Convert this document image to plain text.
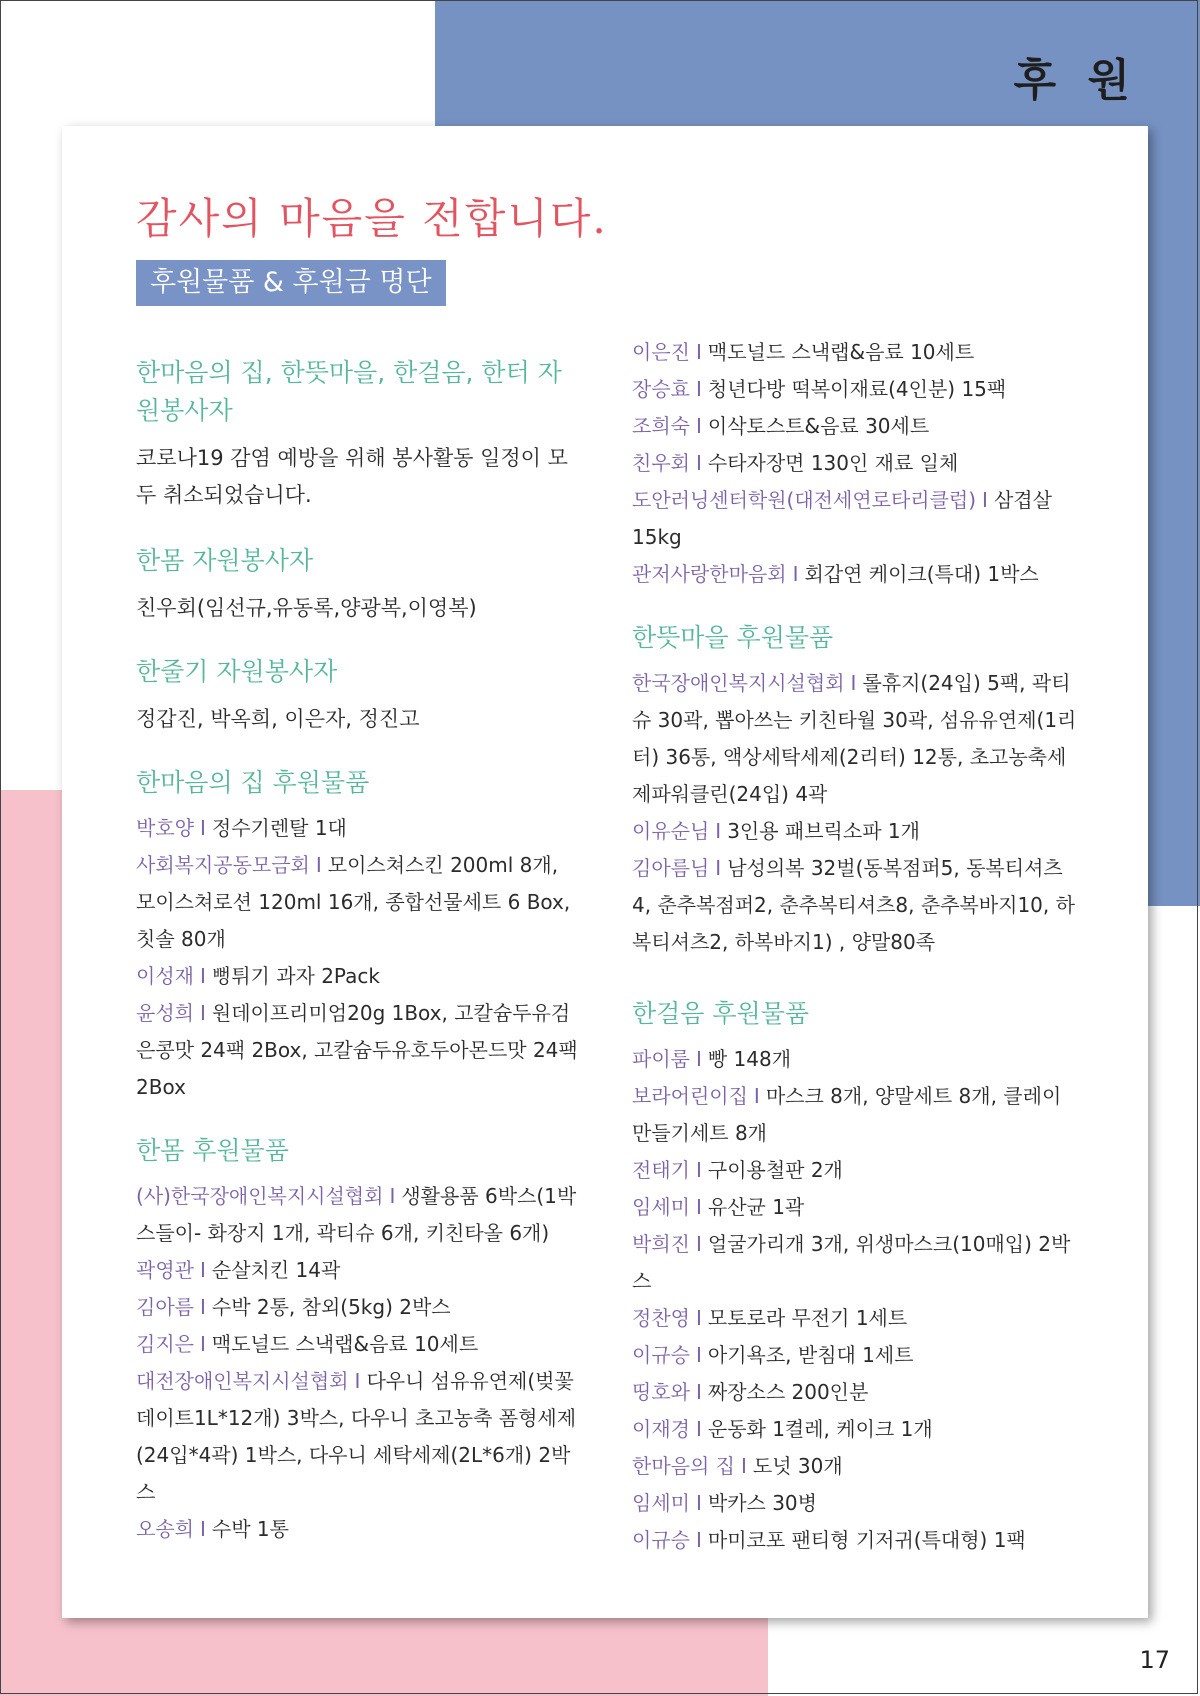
후 원
감사의 마음을 전합니다.
후원물품 & 후원금 명단
한마음의 집, 한뜻마을, 한걸음, 한터 자원봉사자
코로나19 감염 예방을 위해 봉사활동 일정이 모두 취소되었습니다.
한몸 자원봉사자
친우회(임선규,유동록,양광복,이영복)
한줄기 자원봉사자
정갑진, 박옥희, 이은자, 정진고
한마음의 집 후원물품
박호양 I 정수기렌탈 1대
사회복지공동모금회 I 모이스쳐스킨 200ml 8개, 모이스쳐로션 120ml 16개, 종합선물세트 6 Box, 칫솔 80개
이성재 I 뻥튀기 과자 2Pack
윤성희 I 원데이프리미엄20g 1Box, 고칼슘두유검은콩맛 24팩 2Box, 고칼슘두유호두아몬드맛 24팩 2Box
한몸 후원물품
(사)한국장애인복지시설협회 I 생활용품 6박스(1박스들이- 화장지 1개, 곽티슈 6개, 키친타올 6개)
곽영관 I 순살치킨 14곽
김아름 I 수박 2통, 참외(5kg) 2박스
김지은 I 맥도널드 스낵랩&음료 10세트
대전장애인복지시설협회 I 다우니 섬유유연제(벚꽃데이트1L*12개) 3박스, 다우니 초고농축 폼형세제(24입*4곽) 1박스, 다우니 세탁세제(2L*6개) 2박스
오송희 I 수박 1통
이은진 I 맥도널드 스낵랩&음료 10세트
장승효 I 청년다방 떡복이재료(4인분) 15팩
조희숙 I 이삭토스트&음료 30세트
친우회 I 수타자장면 130인 재료 일체
도안러닝센터학원(대전세연로타리클럽) I 삼겹살 15kg
관저사랑한마음회 I 회갑연 케이크(특대) 1박스
한뜻마을 후원물품
한국장애인복지시설협회 I 롤휴지(24입) 5팩, 곽티슈 30곽, 뽑아쓰는 키친타월 30곽, 섬유유연제(1리터) 36통, 액상세탁세제(2리터) 12통, 초고농축세제파워클린(24입) 4곽
이유순님 I 3인용 패브릭소파 1개
김아름님 I 남성의복 32벌(동복점퍼5, 동복티셔츠4, 춘추복점퍼2, 춘추복티셔츠8, 춘추복바지10, 하복티셔츠2, 하복바지1) , 양말80족
한걸음 후원물품
파이룸 I 빵 148개
보라어린이집 I 마스크 8개, 양말세트 8개, 클레이만들기세트 8개
전태기 I 구이용철판 2개
임세미 I 유산균 1곽
박희진 I 얼굴가리개 3개, 위생마스크(10매입) 2박스
정찬영 I 모토로라 무전기 1세트
이규승 I 아기욕조, 받침대 1세트
띵호와 I 짜장소스 200인분
이재경 I 운동화 1켤레, 케이크 1개
한마음의 집 I 도넛 30개
임세미 I 박카스 30병
이규승 I 마미코포 팬티형 기저귀(특대형) 1팩
17
